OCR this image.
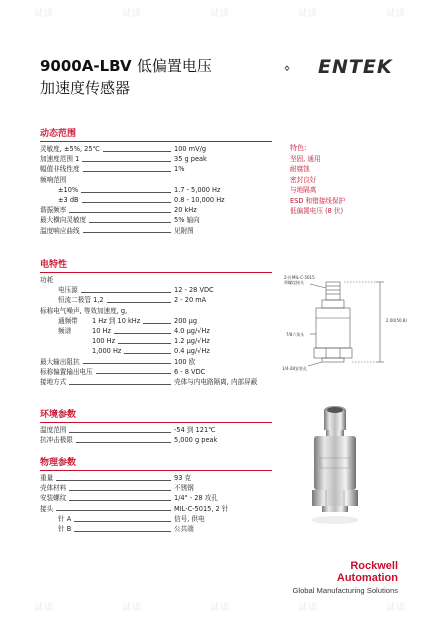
试读	试读	试读	试读	试读
试读	试读	试读	试读	试读
9000A-LBV 低偏置电压
加速度传感器
ENTEK
动态范围
灵敏度, ±5%, 25℃	100 mV/g
加速度范围 1	35 g peak
幅值非线性度	1%
频响范围
±10%	1.7 - 5,000 Hz
±3 dB	0.8 - 10,000 Hz
谐振频率	20 kHz
最大横向灵敏度	5% 轴向
温度响应曲线	见附图
电特性
功耗
电压源	12 - 28 VDC
恒流二极管 1,2	2 - 20 mA
标称电气噪声, 等效加速度, g,
通频带 1 Hz 到 10 kHz	200 μg
频谱	10 Hz	4.0 μg/√Hz
100 Hz	1.2 μg/√Hz
1,000 Hz	0.4 μg/√Hz
最大输出阻抗	100 欧
标称偏置输出电压	6 - 8 VDC
接地方式	壳体与内电路隔离, 内部屏蔽
环境参数
温度范围	-54 到 121℃
抗冲击极限	5,000 g peak
物理参数
重量	93 克
壳体材料	不锈钢
安装螺纹	1/4" - 28 攻孔
接头	MIL-C-5015, 2 针
针 A	信号, 供电
针 B	公共端
特色:
坚固, 通用
耐腐蚀
密封良好
与地隔离
ESD 和错接线保护
低偏置电压 (8 伏)
2-针MIL-C-5015
带螺纹接头
2.00(50.8)
7/8六角头
1/4-28安装孔
Rockwell
Automation
Global Manufacturing Solutions
